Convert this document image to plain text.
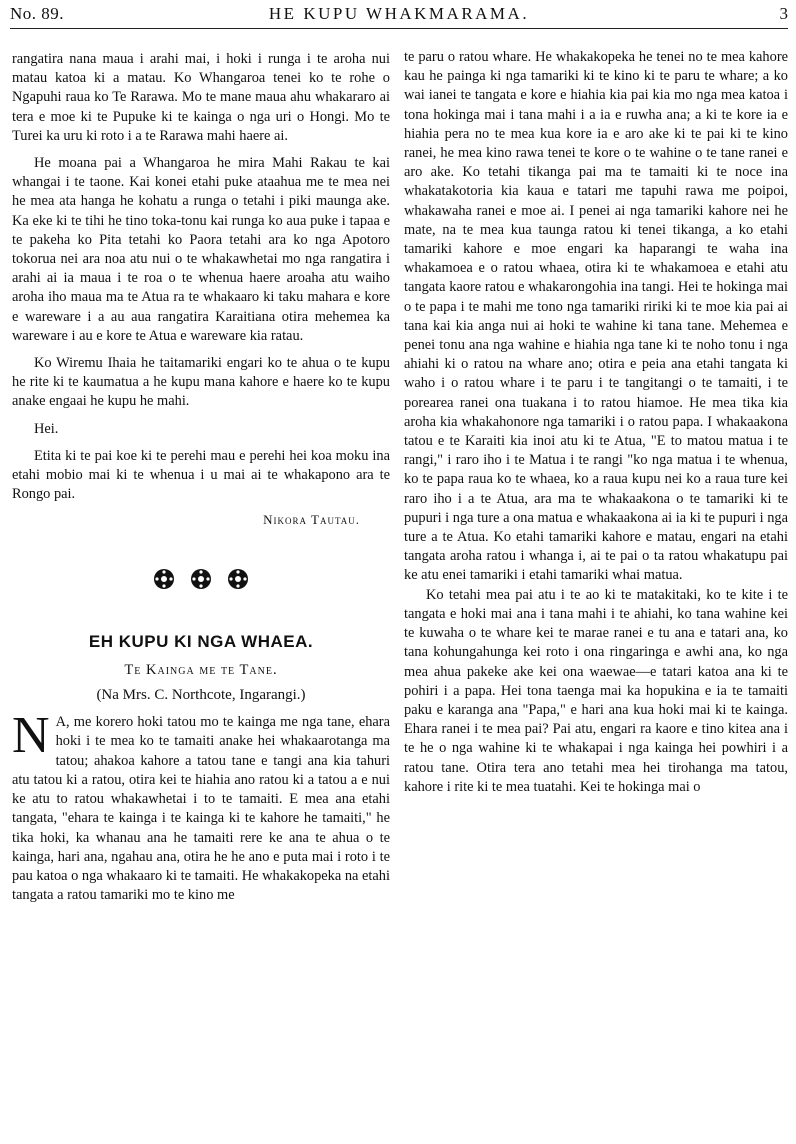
No. 89.	HE KUPU WHAKMARAMA.	3

rangatira nana maua i arahi mai, i hoki i runga i te aroha nui matau katoa ki a matau. Ko Whangaroa tenei ko te rohe o Ngapuhi raua ko Te Rarawa. Mo te mane maua ahu whakararo ai tera e moe ki te Pupuke ki te kainga o nga uri o Hongi. Mo te Turei ka uru ki roto i a te Rarawa mahi haere ai.

He moana pai a Whangaroa he mira Mahi Rakau te kai whangai i te taone. Kai konei etahi puke ataahua me te mea nei he mea ata hanga he kohatu a runga o tetahi i piki maunga ake. Ka eke ki te tihi he tino toka-tonu kai runga ko aua puke i tapaa e te pakeha ko Pita tetahi ko Paora tetahi ara ko nga Apotoro tokorua nei ara noa atu nui o te whakawhetai mo nga rangatira i arahi ai ia maua i te roa o te whenua haere aroaha atu waiho aroha iho maua ma te Atua ra te whakaaro ki taku mahara e kore e wareware i a au aua rangatira Karaitiana otira mehemea ka wareware i au e kore te Atua e wareware kia ratau.

Ko Wiremu Ihaia he taitamariki engari ko te ahua o te kupu he rite ki te kaumatua a he kupu mana kahore e haere ko te kupu anake engaai he kupu he mahi.

Hei.

Etita ki te pai koe ki te perehi mau e perehi hei koa moku ina etahi mobio mai ki te whenua i u mai ai te whakapono ara te Rongo pai.

Nikora Tautau.
EH KUPU KI NGA WHAEA.
Te Kainga me te Tane.
(Na Mrs. C. Northcote, Ingarangi.)

N A, me korero hoki tatou mo te kainga me nga tane, ehara hoki i te mea ko te tamaiti anake hei whakaarotanga ma tatou; ahakoa kahore a tatou tane e tangi ana kia tahuri atu tatou ki a ratou, otira kei te hiahia ano ratou ki a tatou a e nui ke atu to ratou whakawhetai i to te tamaiti. E mea ana etahi tangata, "ehara te kainga i te kainga ki te kahore he tamaiti," he tika hoki, ka whanau ana he tamaiti rere ke ana te ahua o te kainga, hari ana, ngahau ana, otira he he ano e puta mai i roto i te pau katoa o nga whakaaro ki te tamaiti. He whakakopeka na etahi tangata a ratou tamariki mo te kino me

te paru o ratou whare. He whakakopeka he tenei no te mea kahore kau he painga ki nga tamariki ki te kino ki te paru te whare; a ko wai ianei te tangata e kore e hiahia kia pai kia mo nga mea katoa i tona hokinga mai i tana mahi i a ia e ruwha ana; a ki te kore ia e hiahia pera no te mea kua kore ia e aro ake ki te pai ki te kino ranei, he mea kino rawa tenei te kore o te wahine o te tane ranei e aro ake. Ko tetahi tikanga pai ma te tamaiti ki te noce ina whakatakotoria kia kaua e tatari me tapuhi rawa me poipoi, whakawaha ranei e moe ai. I penei ai nga tamariki kahore nei he mate, na te mea kua taunga ratou ki tenei tikanga, a ko etahi tamariki kahore e moe engari ka haparangi te waha ina whakamoea e o ratou whaea, otira ki te whakamoea e etahi atu tangata kaore ratou e whakarongohia ina tangi. Hei te hokinga mai o te papa i te mahi me tono nga tamariki ririki ki te moe kia pai ai tana kai kia anga nui ai hoki te wahine ki tana tane. Mehemea e penei tonu ana nga wahine e hiahia nga tane ki te noho tonu i nga ahiahi ki o ratou na whare ano; otira e peia ana etahi tangata ki waho i o ratou whare i te paru i te tangitangi o te tamaiti, i te porearea ranei ona tuakana i to ratou hiamoe. He mea tika kia aroha kia whakahonore nga tamariki i o ratou papa. I whakaakona tatou e te Karaiti kia inoi atu ki te Atua, "E to matou matua i te rangi," i raro iho i te Matua i te rangi "ko nga matua i te whenua, ko te papa raua ko te whaea, ko a raua kupu nei ko a raua ture kei raro iho i a te Atua, ara ma te whakaakona o te tamariki ki te pupuri i nga ture a ona matua e whakaakona ai ia ki te pupuri i nga ture a te Atua. Ko etahi tamariki kahore e matau, engari na etahi tangata aroha ratou i whanga i, ai te pai o ta ratou whakatupu pai ke atu enei tamariki i etahi tamariki whai matua.

Ko tetahi mea pai atu i te ao ki te matakitaki, ko te kite i te tangata e hoki mai ana i tana mahi i te ahiahi, ko tana wahine kei te kuwaha o te whare kei te marae ranei e tu ana e tatari ana, ko tana kohungahunga kei roto i ona ringaringa e awhi ana, ko nga mea ahua pakeke ake kei ona waewae—e tatari katoa ana ki te pohiri i a papa. Hei tona taenga mai ka hopukina e ia te tamaiti paku e karanga ana "Papa," e hari ana kua hoki mai ki te kainga. Ehara ranei i te mea pai? Pai atu, engari ra kaore e tino kitea ana i te he o nga wahine ki te whakapai i nga kainga hei powhiri i a ratou tane. Otira tera ano tetahi mea hei tirohanga ma tatou, kahore i rite ki te mea tuatahi. Kei te hokinga mai o
